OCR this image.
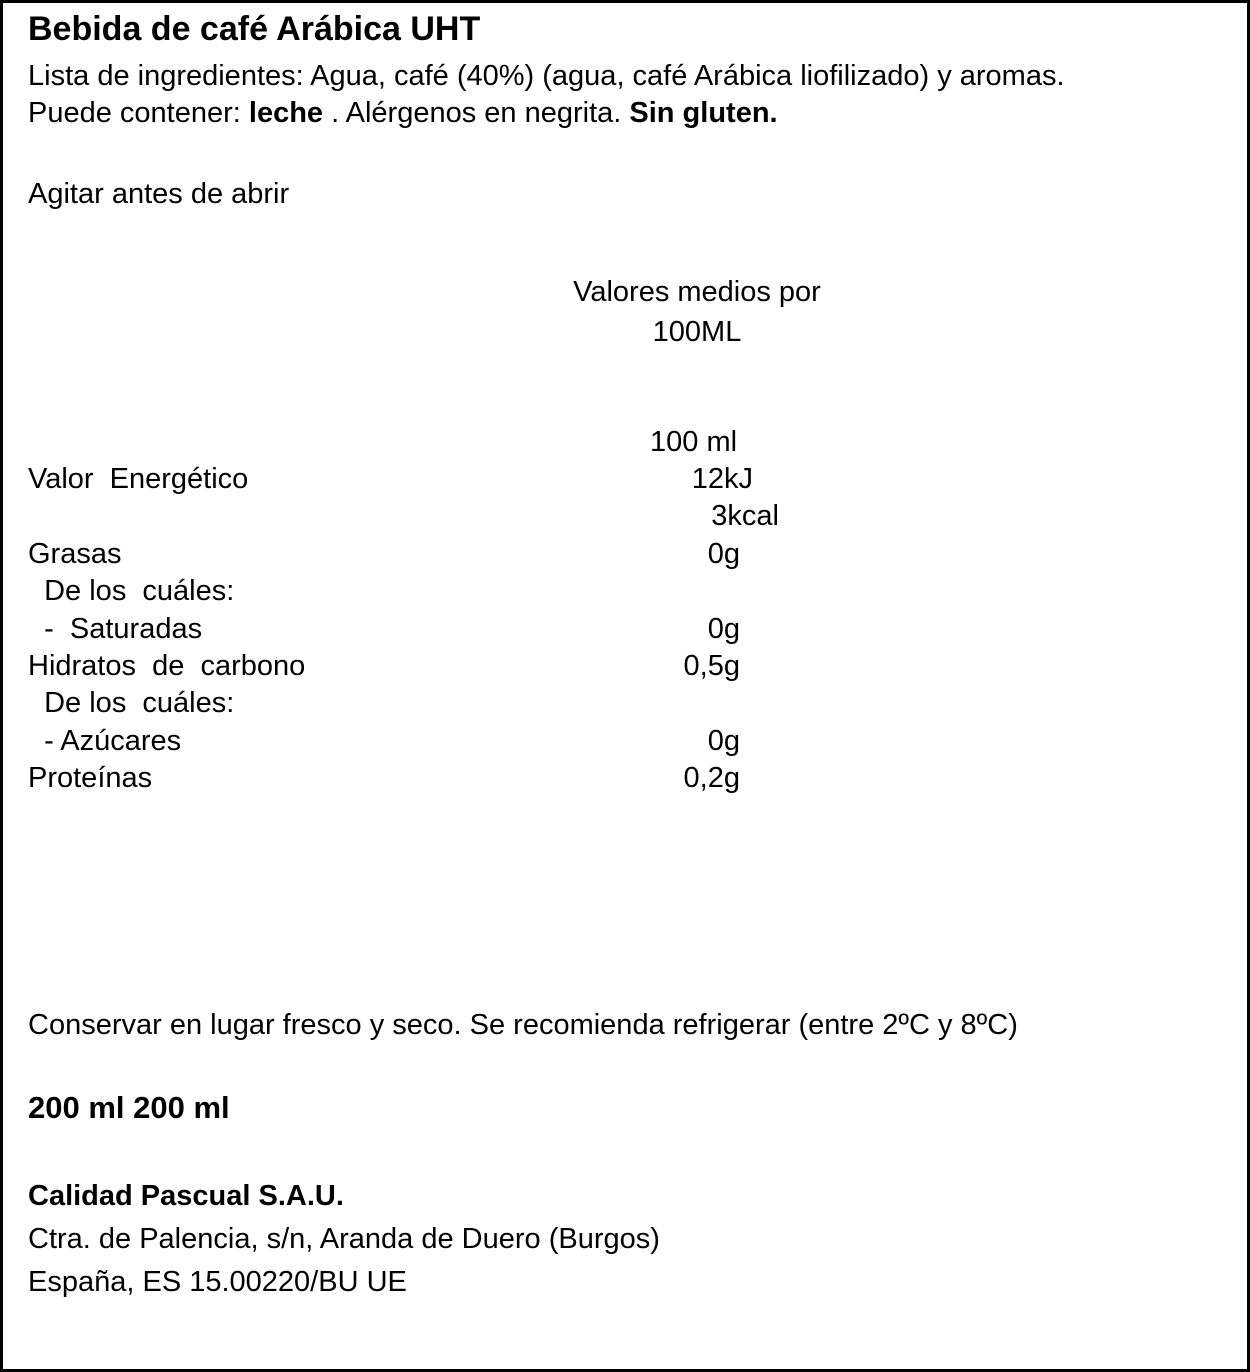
Bebida de café Arábica UHT
Lista de ingredientes: Agua, café (40%) (agua, café Arábica liofilizado) y aromas.
Puede contener: leche . Alérgenos en negrita. Sin gluten.
Agitar antes de abrir
Valores medios por
100ML
100 ml
Valor  Energético	12kJ
3kcal
Grasas	0g
De los  cuáles:
-  Saturadas	0g
Hidratos  de  carbono	0,5g
De los  cuáles:
- Azúcares	0g
Proteínas	0,2g
Conservar en lugar fresco y seco. Se recomienda refrigerar (entre 2ºC y 8ºC)
200 ml 200 ml
Calidad Pascual S.A.U.
Ctra. de Palencia, s/n, Aranda de Duero (Burgos)
España, ES 15.00220/BU UE
